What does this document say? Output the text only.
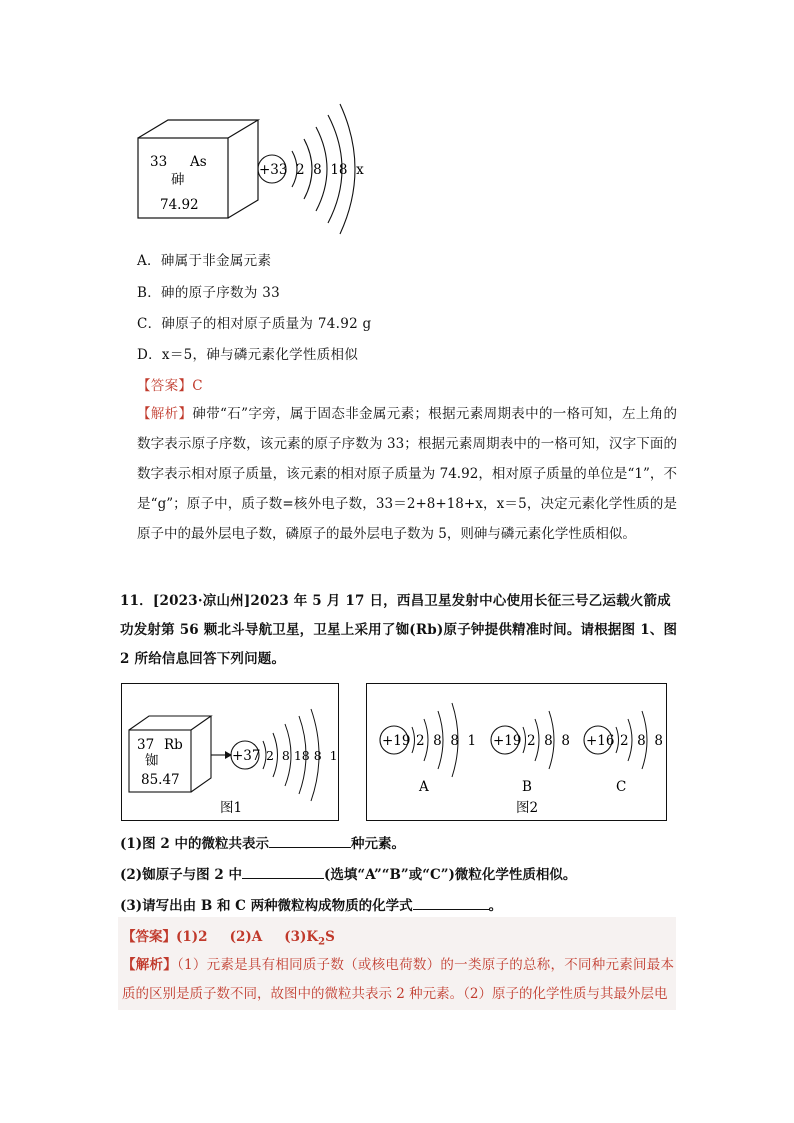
33 As
砷
74.92
+33 2  8  18  x
A．砷属于非金属元素
B．砷的原子序数为 33
C．砷原子的相对原子质量为 74.92 g
D．x＝5，砷与磷元素化学性质相似
【答案】C
【解析】砷带“石”字旁，属于固态非金属元素；根据元素周期表中的一格可知，左上角的数字表示原子序数，该元素的原子序数为 33；根据元素周期表中的一格可知，汉字下面的数字表示相对原子质量，该元素的相对原子质量为 74.92，相对原子质量的单位是“1”，不是“g”；原子中，质子数=核外电子数，33＝2+8+18+x，x＝5，决定元素化学性质的是原子中的最外层电子数，磷原子的最外层电子数为 5，则砷与磷元素化学性质相似。
11．[2023·凉山州]2023 年 5 月 17 日，西昌卫星发射中心使用长征三号乙运载火箭成功发射第 56 颗北斗导航卫星，卫星上采用了铷(Rb)原子钟提供精准时间。请根据图 1、图 2 所给信息回答下列问题。
37 Rb
铷
85.47
+37 2  8 18 8  1
图1
+19 2  8  8  1
A
+19 2  8  8
B
+16 2  8  8
C
图2
(1)图 2 中的微粒共表示	种元素。
(2)铷原子与图 2 中	(选填“A”“B”或“C”)微粒化学性质相似。
(3)请写出由 B 和 C 两种微粒构成物质的化学式	。
【答案】(1)2 (2)A $(3)K_2S$
【解析】（1）元素是具有相同质子数（或核电荷数）的一类原子的总称，不同种元素间最本质的区别是质子数不同，故图中的微粒共表示 2 种元素。（2）原子的化学性质与其最外层电
